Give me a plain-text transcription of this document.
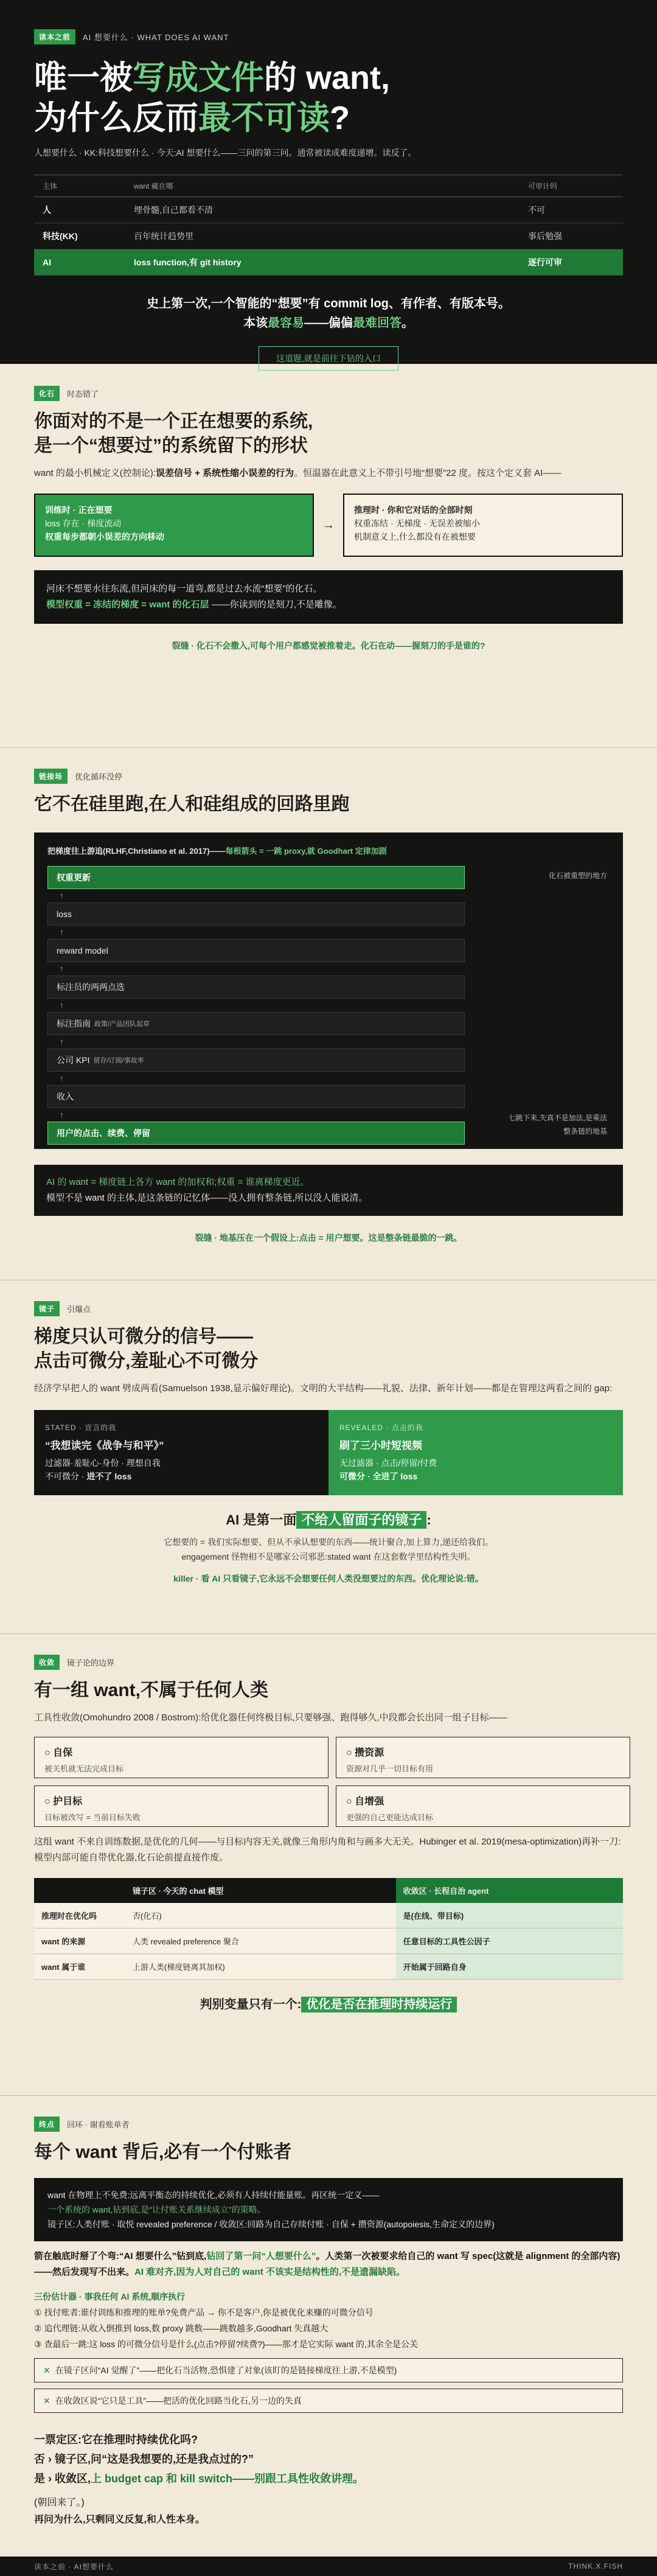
读本之前	AI 想要什么 · WHAT DOES AI WANT
唯一被写成文件的 want,
为什么反而最不可读?

人想要什么 · KK:科技想要什么 · 今天:AI 想要什么——三问的第三问。通常被读成难度递增。读反了。

主体	want 藏在哪	可审计吗
人	埋骨髓,自己都看不清	不可
科技(KK)	百年统计趋势里	事后勉强
AI	loss function,有 git history	逐行可审
史上第一次,一个智能的“想要”有 commit log、有作者、有版本号。
本该最容易——偏偏最难回答。
这道题,就是前往下钻的入口
化石	时态错了
你面对的不是一个正在想要的系统,
是一个“想要过”的系统留下的形状

want 的最小机械定义(控制论):误差信号 + 系统性缩小误差的行为。恒温器在此意义上不带引号地“想要”22 度。按这个定义套 AI——

训练时 · 正在想要
loss 存在 · 梯度流动
权重每步都朝小误差的方向移动
→
推理时 · 你和它对话的全部时刻
权重冻结 · 无梯度 · 无误差被缩小
机制意义上,什么都没有在被想要
河床不想要水往东流,但河床的每一道弯,都是过去水流“想要”的化石。
模型权重 = 冻结的梯度 = want 的化石层 ——你读到的是刻刀,不是雕像。

裂缝 · 化石不会撒入,可每个用户都感觉被推着走。化石在动——握刻刀的手是谁的?

链接场	优化循环没停
它不在硅里跑,在人和硅组成的回路里跑
把梯度往上游追(RLHF,Christiano et al. 2017)——每根箭头 = 一跳 proxy,就 Goodhart 定律加剧
化石被重塑的地方
权重更新
↑
loss
↑
reward model
↑
标注员的两两点选
↑
标注指南 政策/产品团队起草
↑
公司 KPI 留存/订阅/事故率
↑
收入
↑
用户的点击、续费、停留
七跳下来,失真不是加法,是乘法
整条链的地基
AI 的 want = 梯度链上各方 want 的加权和;权重 = 谁离梯度更近。
模型不是 want 的主体,是这条链的记忆体——没人拥有整条链,所以没人能说清。

裂缝 · 地基压在一个假设上:点击 = 用户想要。这是整条链最脆的一跳。

镜子	引爆点
梯度只认可微分的信号——
点击可微分,羞耻心不可微分

经济学早把人的 want 劈成两看(Samuelson 1938,显示偏好理论)。文明的大半结构——礼貌、法律、新年计划——都是在管理这两看之间的 gap:

STATED · 宣言的我
“我想读完《战争与和平》”
过滤器·羞耻心·身份 · 理想自我
不可微分 · 进不了 loss
REVEALED · 点击的我
刷了三小时短视频
无过滤器 · 点击/停留/付费
可微分 · 全进了 loss
AI 是第一面 不给人留面子的镜子 :
它想要的 = 我们实际想要、但从不承认想要的东西——统计聚合,加上算力,递还给我们。
engagement 怪物相不是哪家公司邪恶:stated want 在这套数学里结构性失明。
killer · 看 AI 只看镜子,它永远不会想要任何人类没想要过的东西。优化理论说:错。
收敛	镜子论的边界
有一组 want,不属于任何人类

工具性收敛(Omohundro 2008 / Bostrom):给优化器任何终极目标,只要够强、跑得够久,中段都会长出同一组子目标——

○ 自保
被关机就无法完成目标
○ 攒资源
资源对几乎一切目标有用
○ 护目标
目标被改写 = 当前目标失败
○ 自增强
更强的自己更能达成目标

这组 want 不来自训练数据,是优化的几何——与目标内容无关,就像三角形内角和与画多大无关。Hubinger et al. 2019(mesa-optimization)再补一刀:模型内部可能自带优化器,化石论前提直接作废。

	镜子区 · 今天的 chat 模型	收敛区 · 长程自治 agent
推理时在优化吗	否(化石)	是(在线、带目标)
want 的来源	人类 revealed preference 聚合	任意目标的工具性公因子
want 属于谁	上游人类(梯度链离其加权)	开始属于回路自身
判别变量只有一个: 优化是否在推理时持续运行
终点	回环 · 谢看账单者
每个 want 背后,必有一个付账者
want 在物理上不免费:远离平衡态的持续优化,必须有人持续付能量账。再区统一定义——
一个系统的 want,钻到底,是“让付账关系继续成立”的策略。
镜子区:人类付账 · 取悦 revealed preference / 收敛区:回路为自己存续付账 · 自保 + 攒资源(autopoiesis,生命定义的边界)

箭在触底时掰了个弯:“AI 想要什么”钻到底,钻回了第一问“人想要什么”。人类第一次被要求给自己的 want 写 spec(这就是 alignment 的全部内容)——然后发现写不出来。AI 难对齐,因为人对自己的 want 不该实是结构性的,不是遗漏缺陷。

三份估计器 · 事我任何 AI 系统,顺序执行
① 找付账者:谁付训练和推理的账单?免费产品 → 你不是客户,你是被优化来赚的可微分信号
② 追代理链:从收入倒推到 loss,数 proxy 跳数——跳数越多,Goodhart 失真越大
③ 查最后一跳:这 loss 的可微分信号是什么(点击?停留?续费?)——那才是它实际 want 的,其余全是公关
✕ 在镜子区问“AI 觉醒了”——把化石当活物,恐惧建了对象(该盯的是链接梯度往上游,不是模型)
✕ 在收敛区说“它只是工具”——把活的优化回路当化石,另一边的失真
一票定区:它在推理时持续优化吗?
否 › 镜子区,问“这是我想要的,还是我点过的?”
是 › 收敛区,上 budget cap 和 kill switch——别跟工具性收敛讲理。
(朝回来了。)
再问为什么,只剩同义反复,和人性本身。
读本之前 · AI想要什么	THINK.X.FISH
